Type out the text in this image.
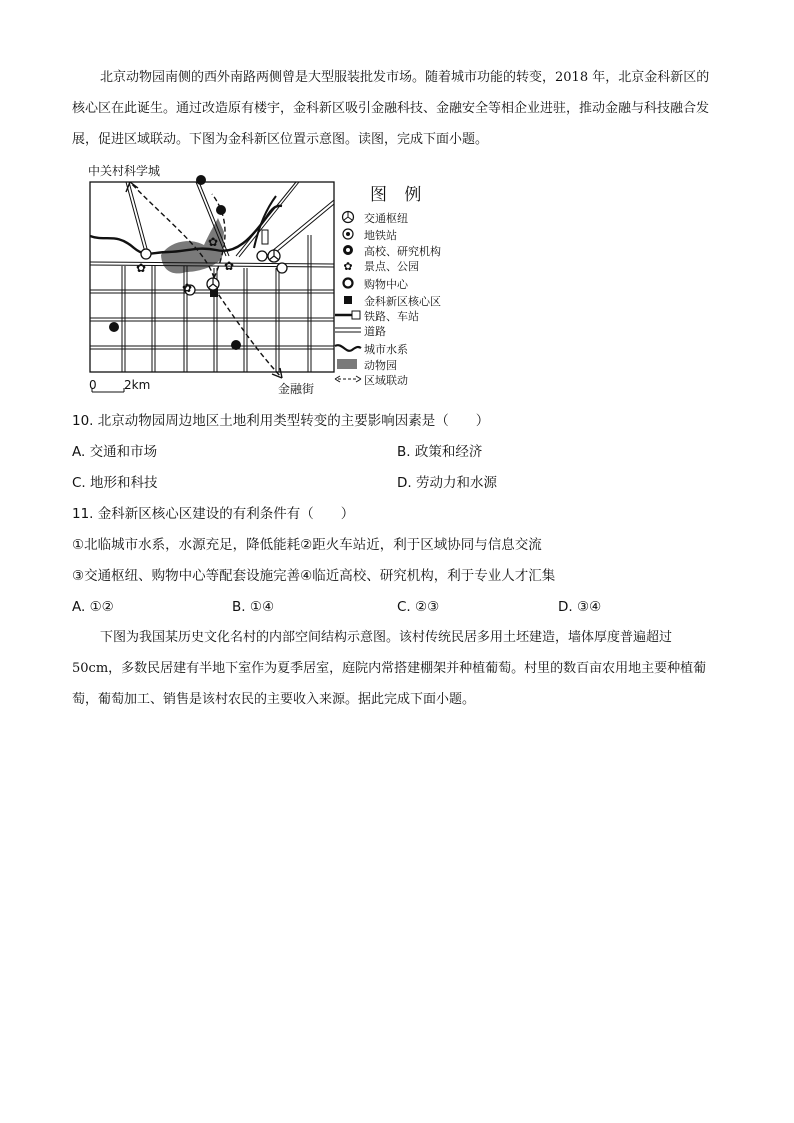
北京动物园南侧的西外南路两侧曾是大型服装批发市场。随着城市功能的转变，2018 年，北京金科新区的核心区在此诞生。通过改造原有楼宇，金科新区吸引金融科技、金融安全等相企业进驻，推动金融与科技融合发展，促进区域联动。下图为金科新区位置示意图。读图，完成下面小题。
✿
✿
✿
✿
中关村科学城
金融街
0 2km
图 例
交通枢纽
地铁站
高校、研究机构
✿ 景点、公园
购物中心
金科新区核心区
铁路、车站
道路
城市水系
动物园
区域联动
10. 北京动物园周边地区土地利用类型转变的主要影响因素是（　　）
A. 交通和市场	B. 政策和经济
C. 地形和科技	D. 劳动力和水源
11. 金科新区核心区建设的有利条件有（　　）
①北临城市水系，水源充足，降低能耗②距火车站近，利于区域协同与信息交流
③交通枢纽、购物中心等配套设施完善④临近高校、研究机构，利于专业人才汇集
A. ①②	B. ①④	C. ②③	D. ③④
下图为我国某历史文化名村的内部空间结构示意图。该村传统民居多用土坯建造，墙体厚度普遍超过 50cm，多数民居建有半地下室作为夏季居室，庭院内常搭建棚架并种植葡萄。村里的数百亩农用地主要种植葡萄，葡萄加工、销售是该村农民的主要收入来源。据此完成下面小题。
